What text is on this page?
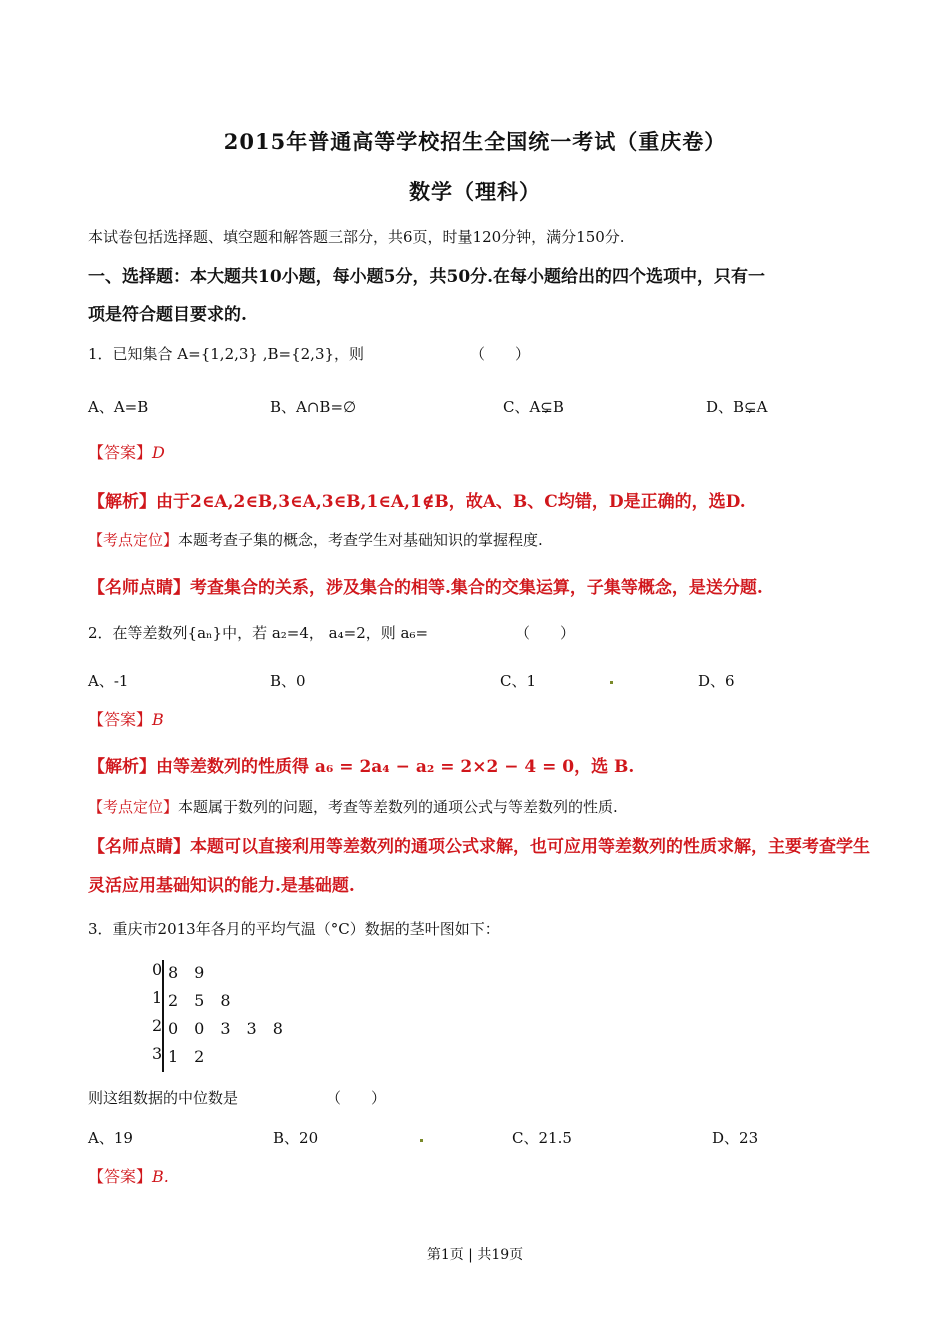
2015年普通高等学校招生全国统一考试（重庆卷）
数学（理科）
本试卷包括选择题、填空题和解答题三部分，共6页，时量120分钟，满分150分.
一、选择题：本大题共10小题，每小题5分，共50分.在每小题给出的四个选项中，只有一
项是符合题目要求的.
1．已知集合 A={1,2,3} ,B={2,3}，则	（　　）
A、A=B	B、A∩B=∅	C、A⊊B	D、B⊊A
【答案】D
【解析】由于2∈A,2∈B,3∈A,3∈B,1∈A,1∉B，故A、B、C均错，D是正确的，选D.
【考点定位】本题考查子集的概念，考查学生对基础知识的掌握程度.
【名师点睛】考查集合的关系，涉及集合的相等.集合的交集运算，子集等概念，是送分题.
2．在等差数列{aₙ}中，若 a₂=4， a₄=2，则 a₆=	（　　）
A、-1	B、0	C、1	D、6
【答案】B
【解析】由等差数列的性质得 a₆ = 2a₄ − a₂ = 2×2 − 4 = 0，选 B.
【考点定位】本题属于数列的问题，考查等差数列的通项公式与等差数列的性质.
【名师点睛】本题可以直接利用等差数列的通项公式求解，也可应用等差数列的性质求解，主要考查学生
灵活应用基础知识的能力.是基础题.
3．重庆市2013年各月的平均气温（°C）数据的茎叶图如下：
0 8　9
1 2　5　8
2 0　0　3　3　8
3 1　2
则这组数据的中位数是	（　　）
A、19	B、20	C、21.5	D、23
【答案】B.
第1页 | 共19页
